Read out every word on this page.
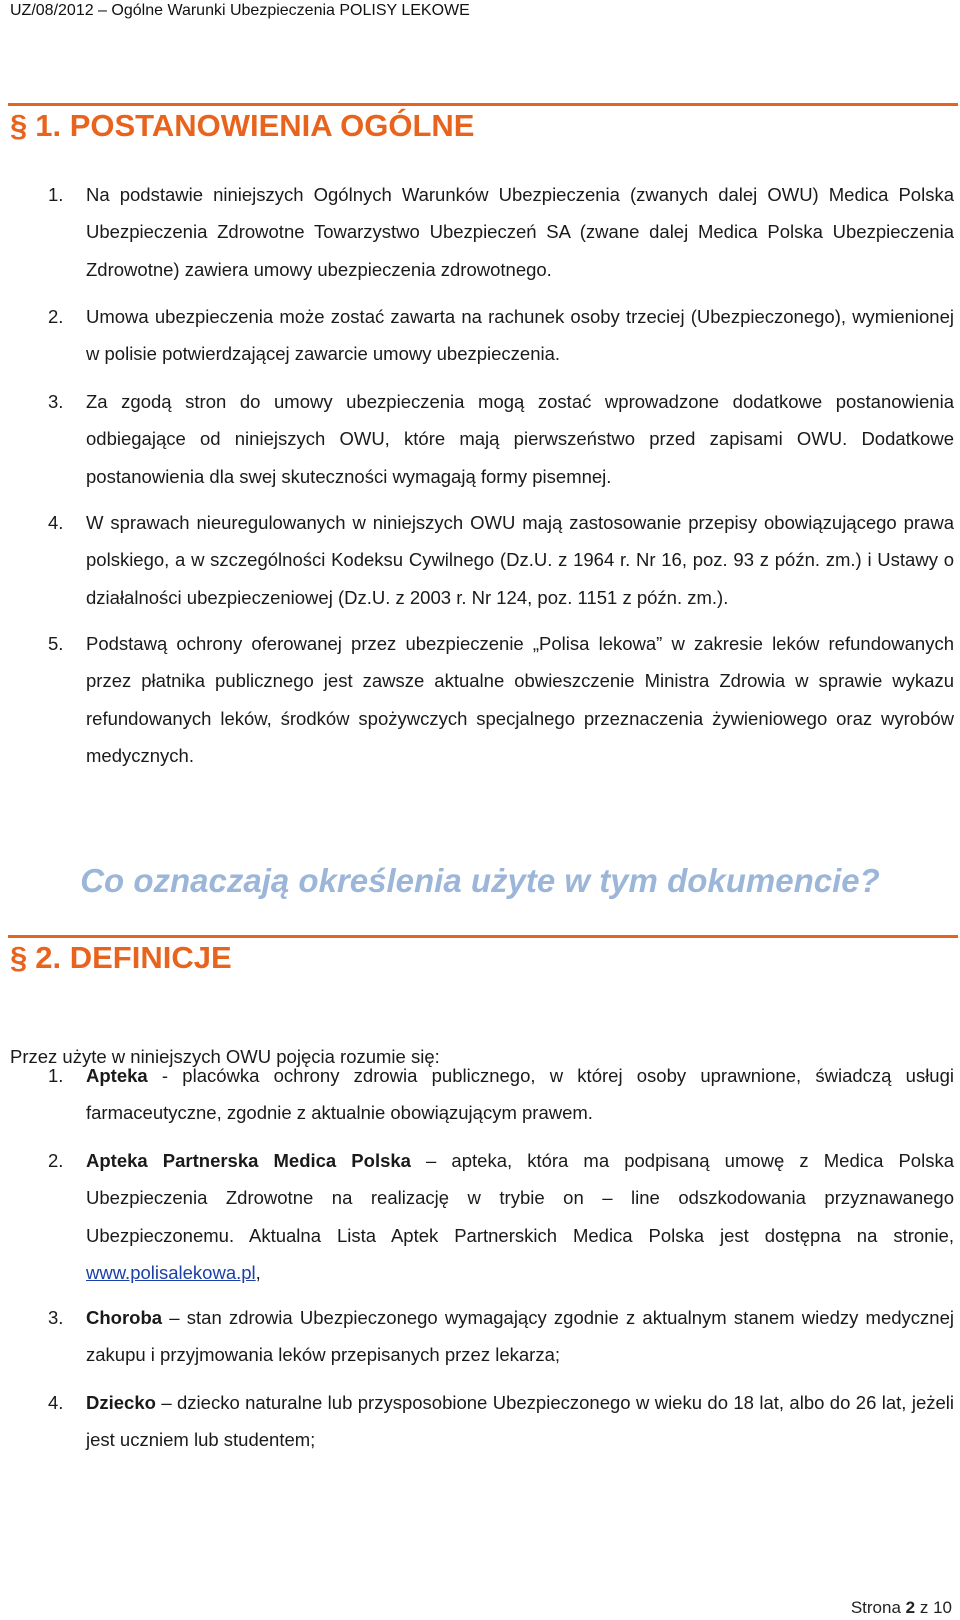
UZ/08/2012 – Ogólne Warunki Ubezpieczenia POLISY LEKOWE
§ 1. POSTANOWIENIA OGÓLNE
1. Na podstawie niniejszych Ogólnych Warunków Ubezpieczenia (zwanych dalej OWU) Medica Polska Ubezpieczenia Zdrowotne Towarzystwo Ubezpieczeń SA (zwane dalej Medica Polska Ubezpieczenia Zdrowotne) zawiera umowy ubezpieczenia zdrowotnego.
2. Umowa ubezpieczenia może zostać zawarta na rachunek osoby trzeciej (Ubezpieczonego), wymienionej w polisie potwierdzającej zawarcie umowy ubezpieczenia.
3. Za zgodą stron do umowy ubezpieczenia mogą zostać wprowadzone dodatkowe postanowienia odbiegające od niniejszych OWU, które mają pierwszeństwo przed zapisami OWU. Dodatkowe postanowienia dla swej skuteczności wymagają formy pisemnej.
4. W sprawach nieuregulowanych w niniejszych OWU mają zastosowanie przepisy obowiązującego prawa polskiego, a w szczególności Kodeksu Cywilnego (Dz.U. z 1964 r. Nr 16, poz. 93 z późn. zm.) i Ustawy o działalności ubezpieczeniowej (Dz.U. z 2003 r. Nr 124, poz. 1151 z późn. zm.).
5. Podstawą ochrony oferowanej przez ubezpieczenie „Polisa lekowa” w zakresie leków refundowanych przez płatnika publicznego jest zawsze aktualne obwieszczenie Ministra Zdrowia w sprawie wykazu refundowanych leków, środków spożywczych specjalnego przeznaczenia żywieniowego oraz wyrobów medycznych.
Co oznaczają określenia użyte w tym dokumencie?
§ 2. DEFINICJE
Przez użyte w niniejszych OWU pojęcia rozumie się:
1. Apteka - placówka ochrony zdrowia publicznego, w której osoby uprawnione, świadczą usługi farmaceutyczne, zgodnie z aktualnie obowiązującym prawem.
2. Apteka Partnerska Medica Polska – apteka, która ma podpisaną umowę z Medica Polska Ubezpieczenia Zdrowotne na realizację w trybie on – line odszkodowania przyznawanego Ubezpieczonemu. Aktualna Lista Aptek Partnerskich Medica Polska jest dostępna na stronie, www.polisalekowa.pl,
3. Choroba – stan zdrowia Ubezpieczonego wymagający zgodnie z aktualnym stanem wiedzy medycznej zakupu i przyjmowania leków przepisanych przez lekarza;
4. Dziecko – dziecko naturalne lub przysposobione Ubezpieczonego w wieku do 18 lat, albo do 26 lat, jeżeli jest uczniem lub studentem;
Strona 2 z 10
